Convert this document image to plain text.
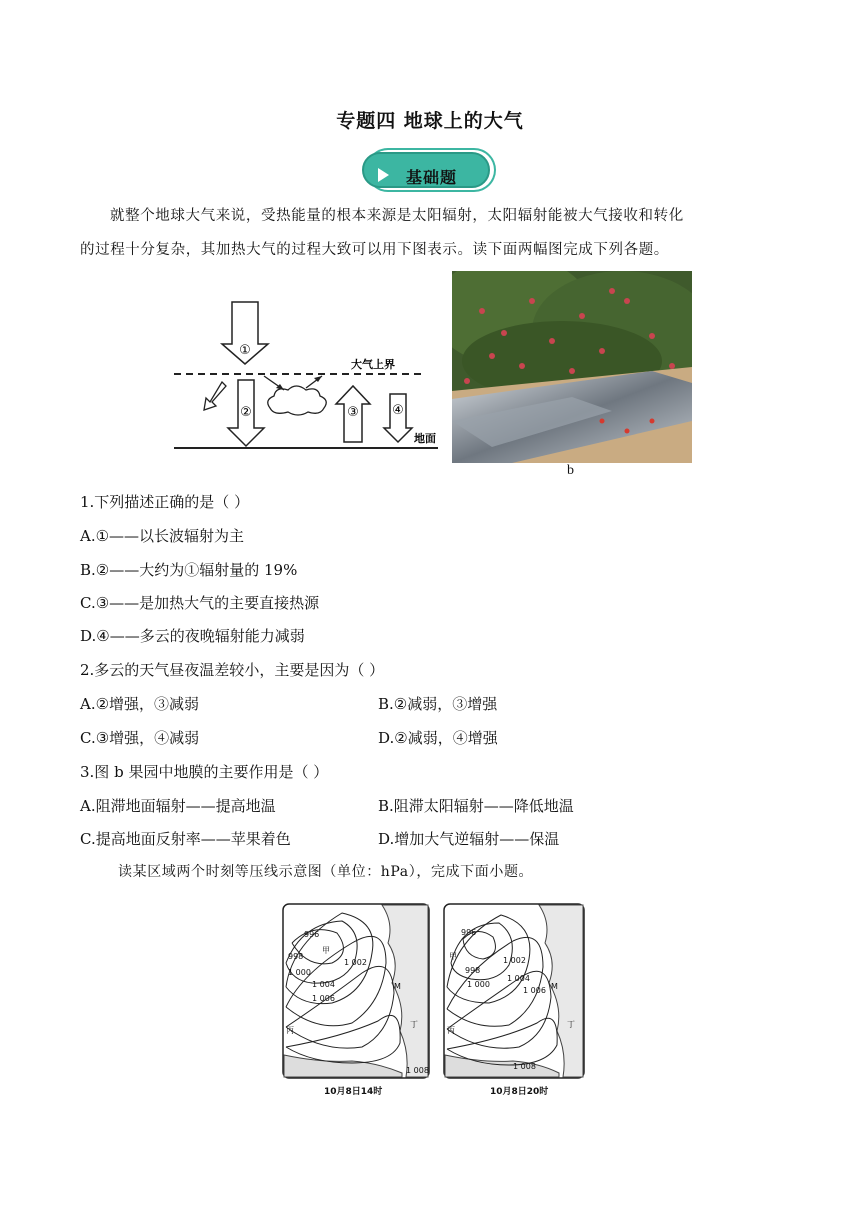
专题四 地球上的大气
基础题
就整个地球大气来说，受热能量的根本来源是太阳辐射，太阳辐射能被大气接收和转化
的过程十分复杂，其加热大气的过程大致可以用下图表示。读下面两幅图完成下列各题。
①
大气上界
②	③	④
地面
b
1.下列描述正确的是（ ）
A.①——以长波辐射为主
B.②——大约为①辐射量的 19%
C.③——是加热大气的主要直接热源
D.④——多云的夜晚辐射能力减弱
2.多云的天气昼夜温差较小，主要是因为（ ）
A.②增强，③减弱	B.②减弱，③增强
C.③增强，④减弱	D.②减弱，④增强
3.图 b 果园中地膜的主要作用是（ ）
A.阻滞地面辐射——提高地温	B.阻滞太阳辐射——降低地温
C.提高地面反射率——苹果着色	D.增加大气逆辐射——保温
读某区域两个时刻等压线示意图（单位：hPa），完成下面小题。
996
998
1 000
1 002
1 004
1 006
1 008
甲
丙
丁
M
10月8日14时
996
998
1 000
1 002
1 004
1 006
1 008
甲
丙
丁
M
10月8日20时
